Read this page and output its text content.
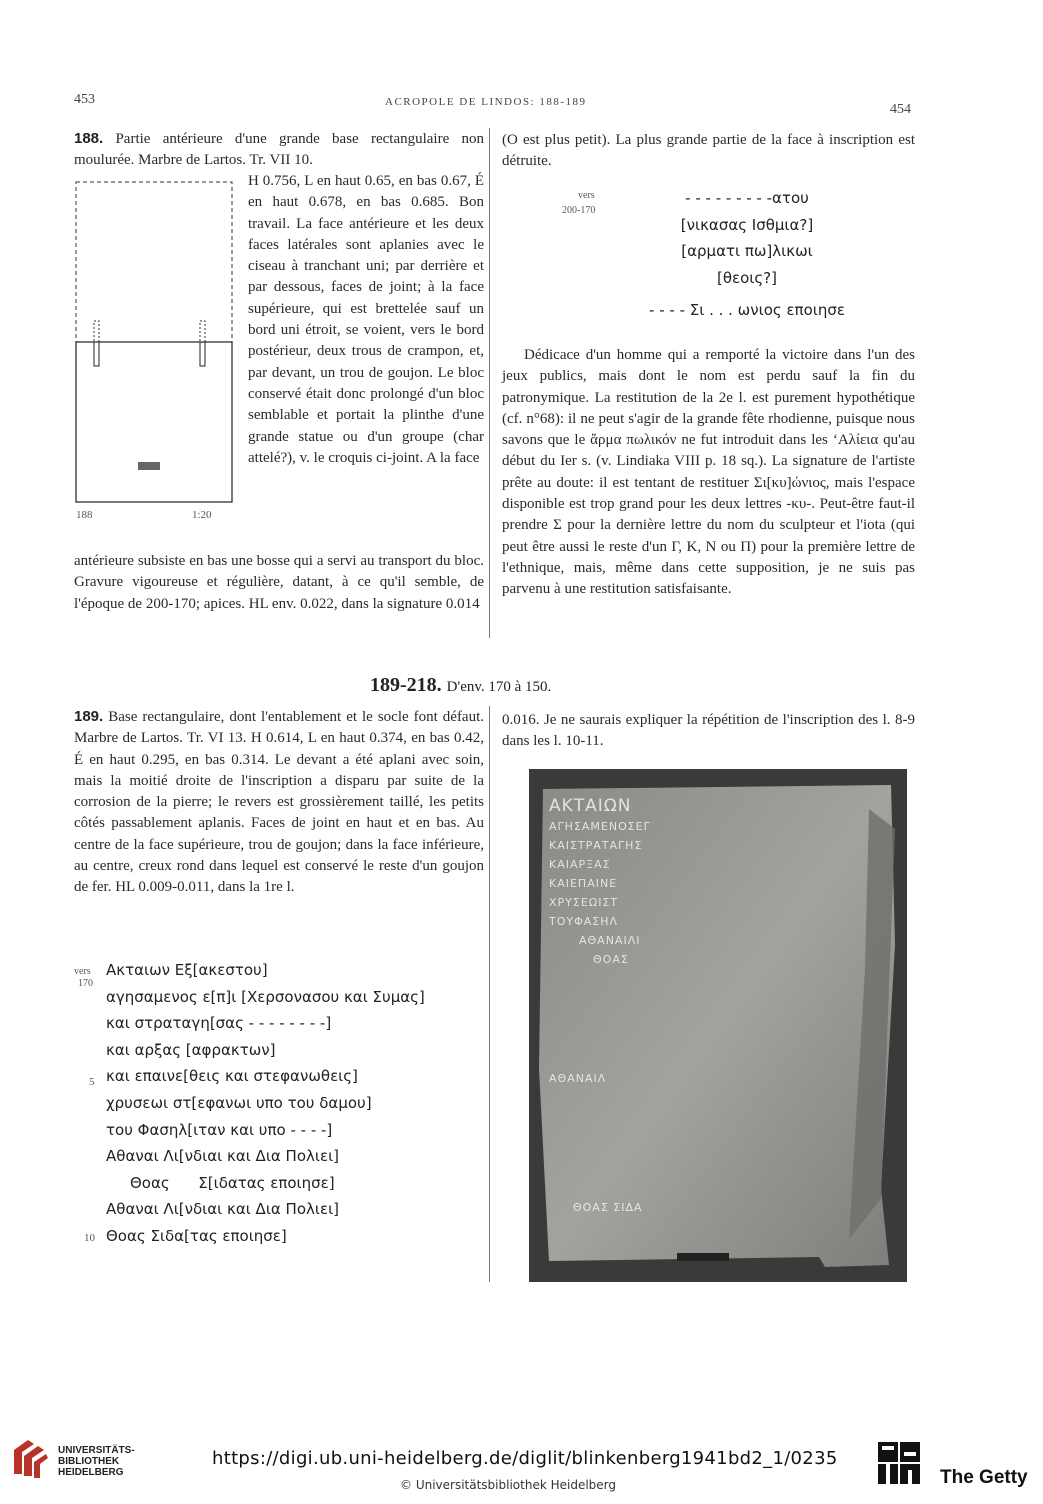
453	ACROPOLE DE LINDOS: 188-189	454

188. Partie antérieure d'une grande base rectangulaire non moulurée. Marbre de Lartos. Tr. VII 10.

188	1:20

H 0.756, L en haut 0.65, en bas 0.67, É en haut 0.678, en bas 0.685. Bon travail. La face antérieure et les deux faces latérales sont aplanies avec le ciseau à tranchant uni; par derrière et par dessous, faces de joint; à la face supérieure, qui est brettelée sauf un bord uni étroit, se voient, vers le bord postérieur, deux trous de crampon, et, par devant, un trou de goujon. Le bloc conservé était donc prolongé d'un bloc semblable et portait la plinthe d'une grande statue ou d'un groupe (char attelé?), v. le croquis ci-joint. A la face

antérieure subsiste en bas une bosse qui a servi au transport du bloc. Gravure vigoureuse et régulière, datant, à ce qu'il semble, de l'époque de 200-170; apices. HL env. 0.022, dans la signature 0.014

(O est plus petit). La plus grande partie de la face à inscription est détruite.

vers
200-170
- - - - - - - - -ατου
[νικασας Ισθμια?]
[αρματι πω]λικωι
[θεοις?]
- - - - Σι . . . ωνιος εποιησε

Dédicace d'un homme qui a remporté la victoire dans l'un des jeux publics, mais dont le nom est perdu sauf la fin du patronymique. La restitution de la 2e l. est purement hypothétique (cf. n°68): il ne peut s'agir de la grande fête rhodienne, puisque nous savons que le ἅρμα πωλικόν ne fut introduit dans les ʻΑλίεια qu'au début du Ier s. (v. Lindiaka VIII p. 18 sq.). La signature de l'artiste prête au doute: il est tentant de restituer Σι[κυ]ώνιος, mais l'espace disponible est trop grand pour les deux lettres -κυ-. Peut-être faut-il prendre Σ pour la dernière lettre du nom du sculpteur et l'iota (qui peut être aussi le reste d'un Γ, Κ, Ν ou Π) pour la première lettre de l'ethnique, mais, même dans cette supposition, je ne suis pas parvenu à une restitution satisfaisante.

189-218. D'env. 170 à 150.

189. Base rectangulaire, dont l'entablement et le socle font défaut. Marbre de Lartos. Tr. VI 13. H 0.614, L en haut 0.374, en bas 0.42, É en haut 0.295, en bas 0.314. Le devant a été aplani avec soin, mais la moitié droite de l'inscription a disparu par suite de la corrosion de la pierre; le revers est grossièrement taillé, les petits côtés passablement aplanis. Faces de joint en haut et en bas. Au centre de la face supérieure, trou de goujon; dans la face inférieure, au centre, creux rond dans lequel est conservé le reste d'un goujon de fer. HL 0.009-0.011, dans la 1re l.

vers
170
5
10
Ακταιων Εξ[ακεστου]
αγησαμενος ε[π]ι [Χερσονασου και Συμας]
και στραταγη[σας - - - - - - - -]
και αρξας [αφρακτων]
και επαινε[θεις και στεφανωθεις]
χρυσεωι στ[εφανωι υπο του δαμου]
του Φασηλ[ιταν και υπο - - - -]
Αθαναι Λι[νδιαι και Δια Πολιει]
Θοας      Σ[ιδατας εποιησε]
Αθαναι Λι[νδιαι και Δια Πολιει]
Θοας Σιδα[τας εποιησε]

0.016. Je ne saurais expliquer la répétition de l'inscription des l. 8-9 dans les l. 10-11.

ΑΚΤΑΙΩΝ
ΑΓΗΣΑΜΕΝΟΣΕΓ
ΚΑΙΣΤΡΑΤΑΓΗΣ
ΚΑΙΑΡΞΑΣ
ΚΑΙΕΠΑΙΝΕ
ΧΡΥΣΕΩΙΣΤ
ΤΟΥΦΑΣΗΛ
ΑΘΑΝΑΙΛΙ
ΘΟΑΣ
ΑΘΑΝΑΙΛ
ΘΟΑΣ ΣΙΔΑ
UNIVERSITÄTS-
BIBLIOTHEK
HEIDELBERG
https://digi.ub.uni-heidelberg.de/diglit/blinkenberg1941bd2_1/0235
© Universitätsbibliothek Heidelberg	The Getty
